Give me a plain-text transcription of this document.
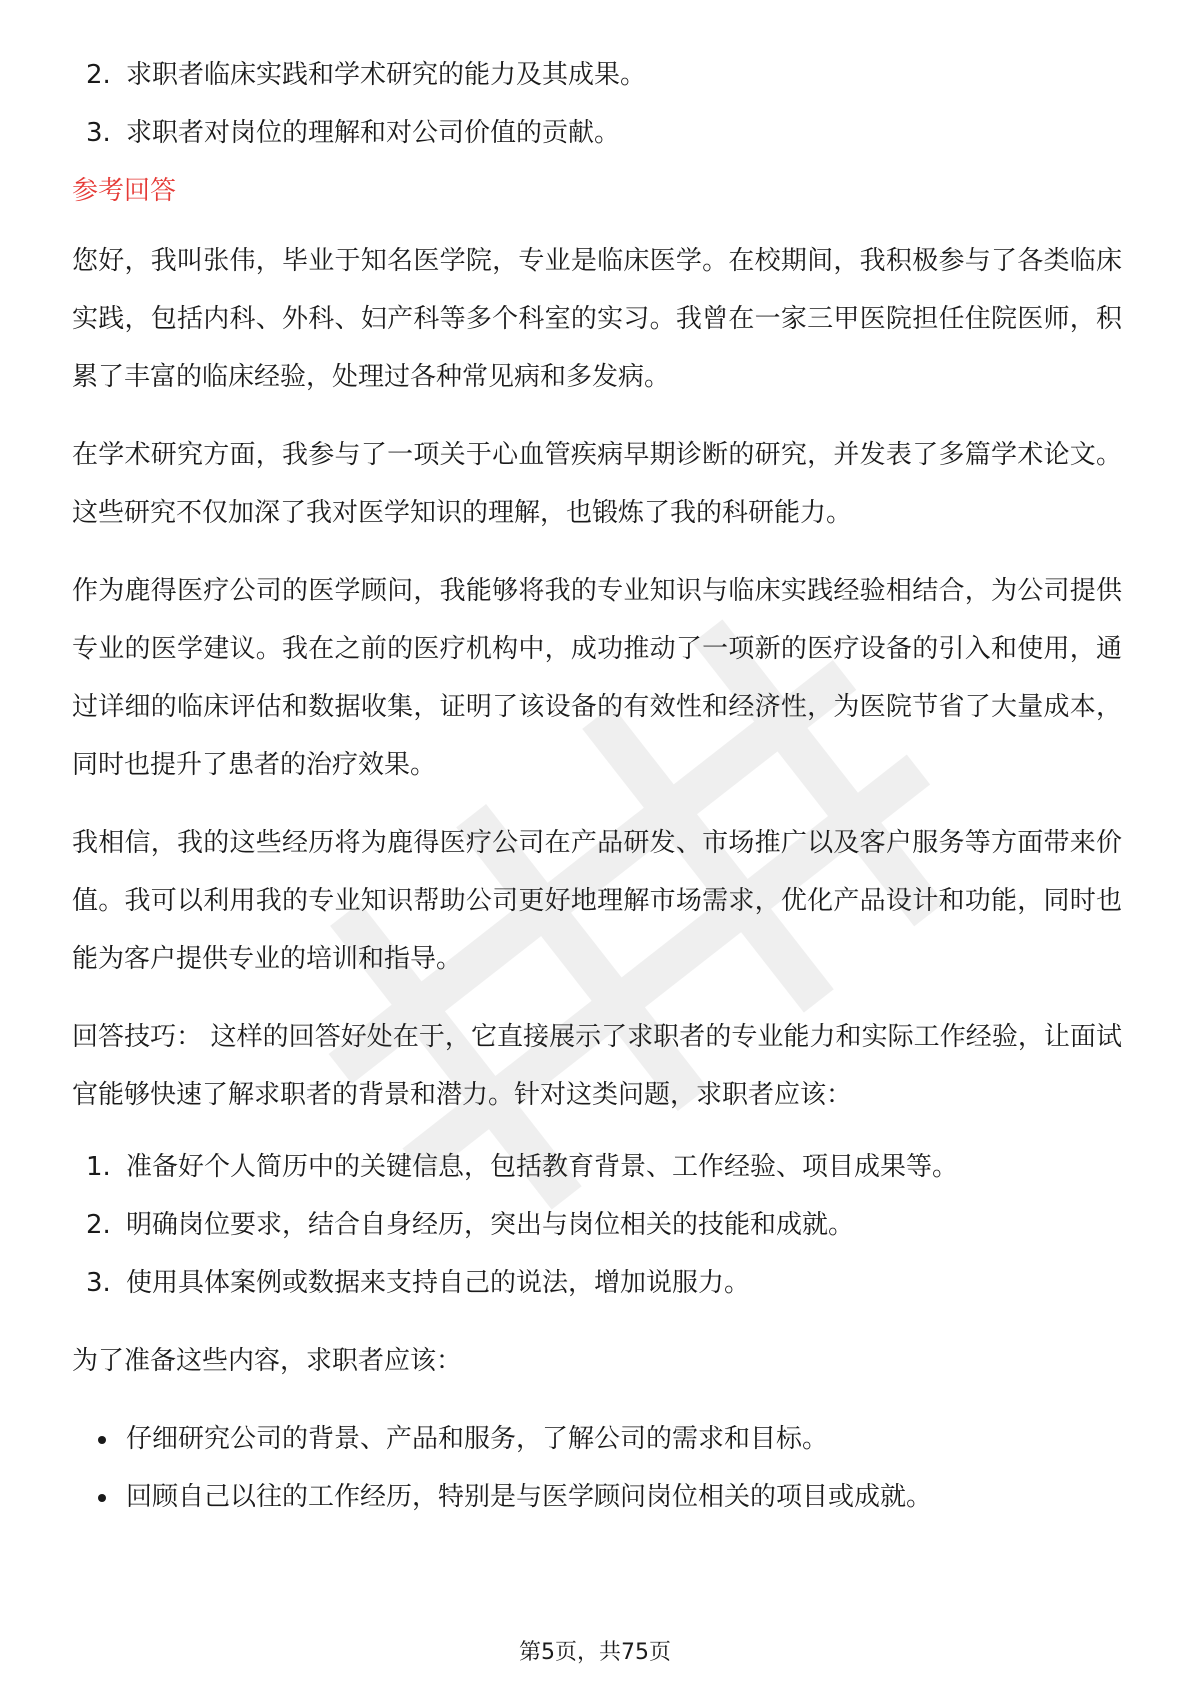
2. 求职者临床实践和学术研究的能力及其成果。
3. 求职者对岗位的理解和对公司价值的贡献。
参考回答

您好，我叫张伟，毕业于知名医学院，专业是临床医学。在校期间，我积极参与了各类临床实践，包括内科、外科、妇产科等多个科室的实习。我曾在一家三甲医院担任住院医师，积累了丰富的临床经验，处理过各种常见病和多发病。

在学术研究方面，我参与了一项关于心血管疾病早期诊断的研究，并发表了多篇学术论文。这些研究不仅加深了我对医学知识的理解，也锻炼了我的科研能力。

作为鹿得医疗公司的医学顾问，我能够将我的专业知识与临床实践经验相结合，为公司提供专业的医学建议。我在之前的医疗机构中，成功推动了一项新的医疗设备的引入和使用，通过详细的临床评估和数据收集，证明了该设备的有效性和经济性，为医院节省了大量成本，同时也提升了患者的治疗效果。

我相信，我的这些经历将为鹿得医疗公司在产品研发、市场推广以及客户服务等方面带来价值。我可以利用我的专业知识帮助公司更好地理解市场需求，优化产品设计和功能，同时也能为客户提供专业的培训和指导。

回答技巧： 这样的回答好处在于，它直接展示了求职者的专业能力和实际工作经验，让面试官能够快速了解求职者的背景和潜力。针对这类问题，求职者应该：

1. 准备好个人简历中的关键信息，包括教育背景、工作经验、项目成果等。
2. 明确岗位要求，结合自身经历，突出与岗位相关的技能和成就。
3. 使用具体案例或数据来支持自己的说法，增加说服力。

为了准备这些内容，求职者应该：

仔细研究公司的背景、产品和服务，了解公司的需求和目标。
回顾自己以往的工作经历，特别是与医学顾问岗位相关的项目或成就。
第5页，共75页
